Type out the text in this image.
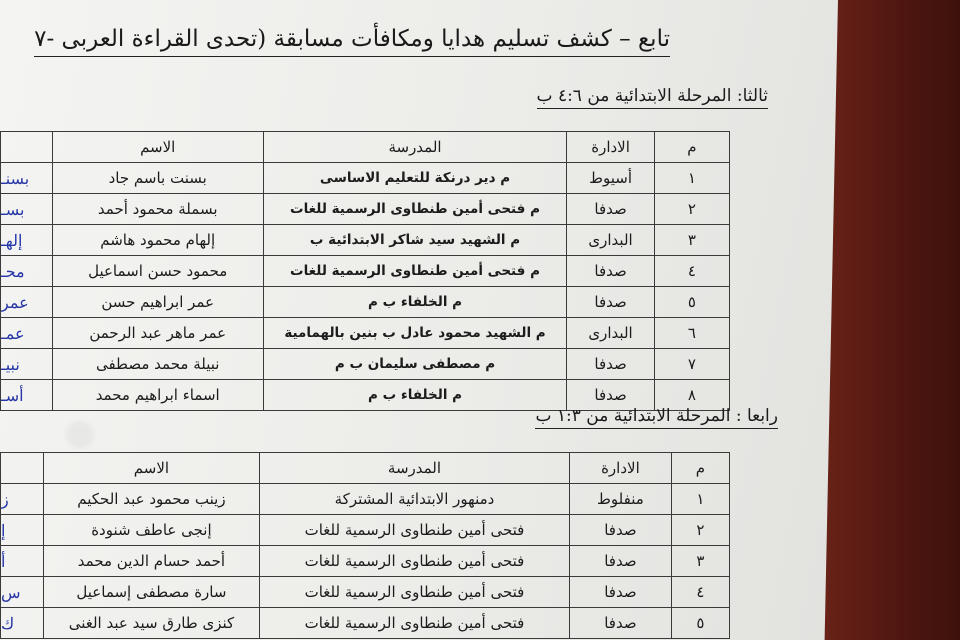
تابع – كشف تسليم هدايا ومكافأت مسابقة (تحدى القراءة العربى -٧
ثالثا: المرحلة الابتدائية من ٤:٦ ب
م	الادارة	المدرسة	الاسم	
١	أسيوط	م دير درنكة للتعليم الاساسى	بسنت باسم جاد	بسنـ
٢	صدفا	م فتحى أمين طنطاوى الرسمية للغات	بسملة محمود أحمد	بسـ
٣	البدارى	م الشهيد سيد شاكر الابتدائية ب	إلهام محمود هاشم	إلهـ
٤	صدفا	م فتحى أمين طنطاوى الرسمية للغات	محمود حسن اسماعيل	محـ
٥	صدفا	م الخلفاء ب م	عمر ابراهيم حسن	عمر
٦	البدارى	م الشهيد محمود عادل ب بنين بالهمامية	عمر ماهر عبد الرحمن	عمـ
٧	صدفا	م مصطفى سليمان ب م	نبيلة محمد مصطفى	نبيـ
٨	صدفا	م الخلفاء ب م	اسماء ابراهيم محمد	أسـ
رابعا : المرحلة الابتدائية من ١:٣ ب
م	الادارة	المدرسة	الاسم	
١	منفلوط	دمنهور الابتدائية المشتركة	زينب محمود عبد الحكيم	ز
٢	صدفا	فتحى أمين طنطاوى الرسمية للغات	إنجى عاطف شنودة	إ
٣	صدفا	فتحى أمين طنطاوى الرسمية للغات	أحمد حسام الدين محمد	أ
٤	صدفا	فتحى أمين طنطاوى الرسمية للغات	سارة مصطفى إسماعيل	س
٥	صدفا	فتحى أمين طنطاوى الرسمية للغات	كنزى طارق سيد عبد الغنى	ك
